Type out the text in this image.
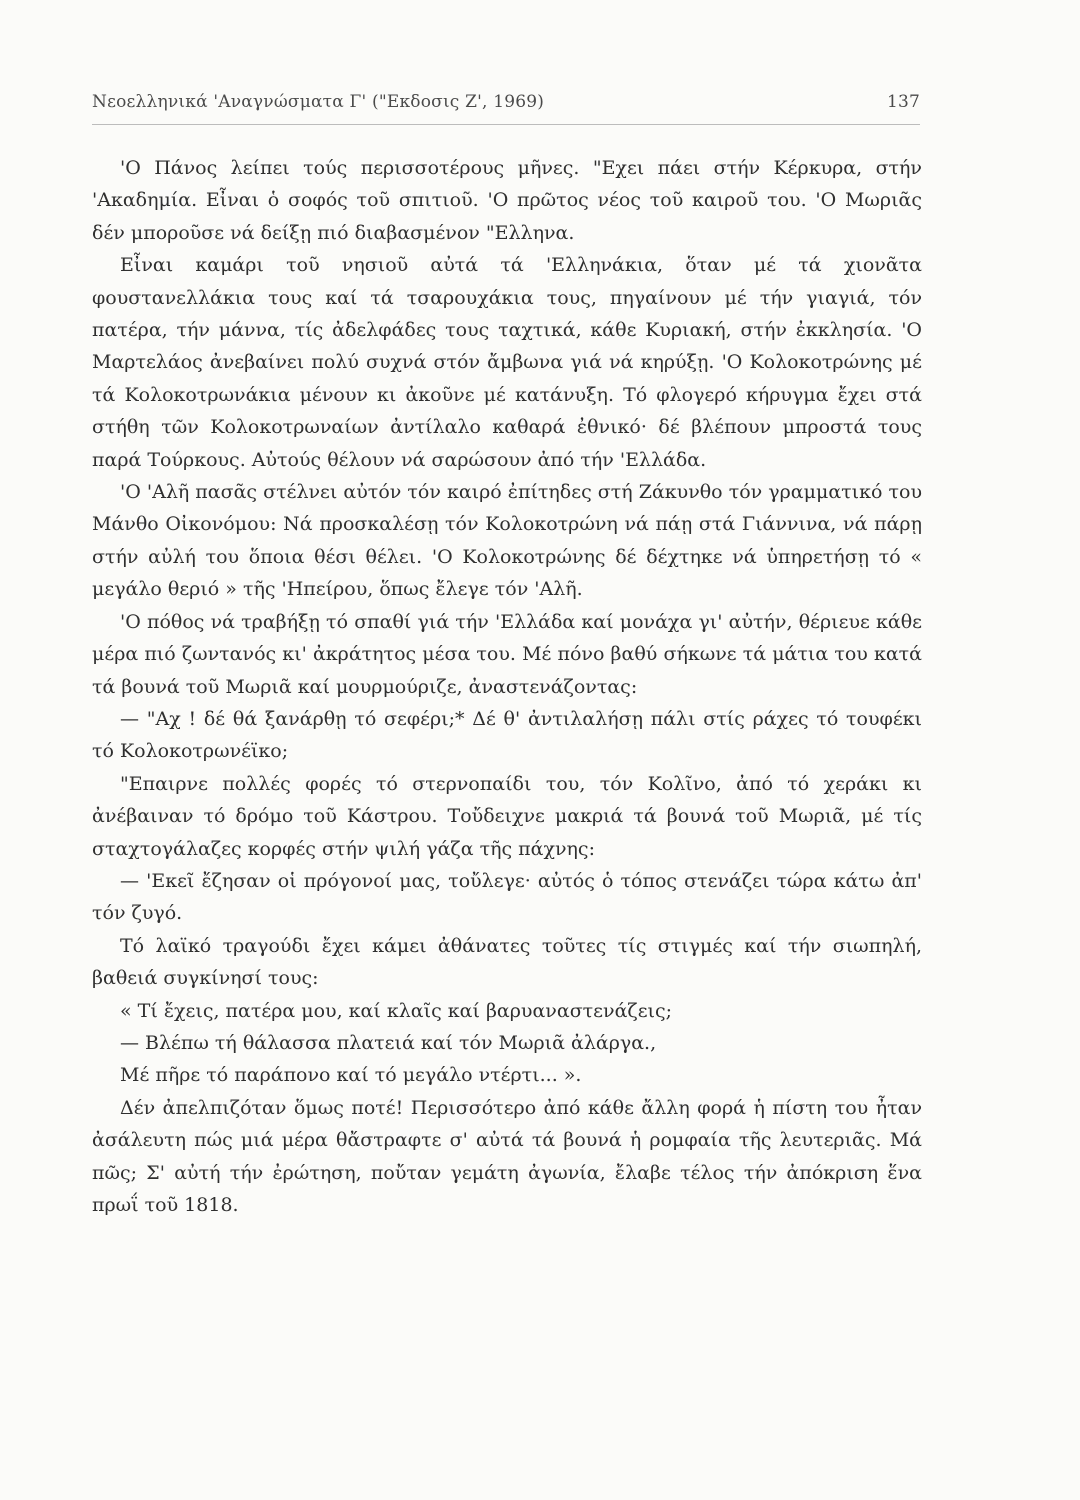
Νεοελληνικά 'Αναγνώσματα Γ' ("Εκδοσις Ζ', 1969)	137

'Ο Πάνος λείπει τούς περισσοτέρους μῆνες. "Εχει πάει στήν Κέρκυρα, στήν 'Ακαδημία. Εἶναι ὁ σοφός τοῦ σπιτιοῦ. 'Ο πρῶτος νέος τοῦ καιροῦ του. 'Ο Μωριᾶς δέν μποροῦσε νά δείξῃ πιό διαβασμένον "Ελληνα.

Εἶναι καμάρι τοῦ νησιοῦ αὐτά τά 'Ελληνάκια, ὅταν μέ τά χιονᾶτα φουστανελλάκια τους καί τά τσαρουχάκια τους, πηγαίνουν μέ τήν γιαγιά, τόν πατέρα, τήν μάννα, τίς ἀδελφάδες τους ταχτικά, κάθε Κυριακή, στήν ἐκκλησία. 'Ο Μαρτελάος ἀνεβαίνει πολύ συχνά στόν ἄμβωνα γιά νά κηρύξῃ. 'Ο Κολοκοτρώνης μέ τά Κολοκοτρωνάκια μένουν κι ἀκοῦνε μέ κατάνυξη. Τό φλογερό κήρυγμα ἔχει στά στήθη τῶν Κολοκοτρωναίων ἀντίλαλο καθαρά ἐθνικό· δέ βλέπουν μπροστά τους παρά Τούρκους. Αὐτούς θέλουν νά σαρώσουν ἀπό τήν 'Ελλάδα.

'Ο 'Αλῆ πασᾶς στέλνει αὐτόν τόν καιρό ἐπίτηδες στή Ζάκυνθο τόν γραμματικό του Μάνθο Οἰκονόμου: Νά προσκαλέσῃ τόν Κολοκοτρώνη νά πάῃ στά Γιάννινα, νά πάρῃ στήν αὐλή του ὅποια θέσι θέλει. 'Ο Κολοκοτρώνης δέ δέχτηκε νά ὑπηρετήσῃ τό « μεγάλο θεριό » τῆς 'Ηπείρου, ὅπως ἔλεγε τόν 'Αλῆ.

'Ο πόθος νά τραβήξῃ τό σπαθί γιά τήν 'Ελλάδα καί μονάχα γι' αὐτήν, θέριευε κάθε μέρα πιό ζωντανός κι' ἀκράτητος μέσα του. Μέ πόνο βαθύ σήκωνε τά μάτια του κατά τά βουνά τοῦ Μωριᾶ καί μουρμούριζε, ἀναστενάζοντας:

— "Αχ ! δέ θά ξανάρθῃ τό σεφέρι;* Δέ θ' ἀντιλαλήσῃ πάλι στίς ράχες τό τουφέκι τό Κολοκοτρωνέϊκο;

"Επαιρνε πολλές φορές τό στερνοπαίδι του, τόν Κολῖνο, ἀπό τό χεράκι κι ἀνέβαιναν τό δρόμο τοῦ Κάστρου. Τοὔδειχνε μακριά τά βουνά τοῦ Μωριᾶ, μέ τίς σταχτογάλαζες κορφές στήν ψιλή γάζα τῆς πάχνης:

— 'Εκεῖ ἔζησαν οἱ πρόγονοί μας, τοὔλεγε· αὐτός ὁ τόπος στενάζει τώρα κάτω ἀπ' τόν ζυγό.

Τό λαϊκό τραγούδι ἔχει κάμει ἀθάνατες τοῦτες τίς στιγμές καί τήν σιωπηλή, βαθειά συγκίνησί τους:

« Τί ἔχεις, πατέρα μου, καί κλαῖς καί βαρυαναστενάζεις;

— Βλέπω τή θάλασσα πλατειά καί τόν Μωριᾶ ἀλάργα.,

Μέ πῆρε τό παράπονο καί τό μεγάλο ντέρτι... ».

Δέν ἀπελπιζόταν ὅμως ποτέ! Περισσότερο ἀπό κάθε ἄλλη φορά ἡ πίστη του ἦταν ἀσάλευτη πώς μιά μέρα θἄστραφτε σ' αὐτά τά βουνά ἡ ρομφαία τῆς λευτεριᾶς. Μά πῶς; Σ' αὐτή τήν ἐρώτηση, ποὔταν γεμάτη ἀγωνία, ἔλαβε τέλος τήν ἀπόκριση ἕνα πρωΐ τοῦ 1818.
